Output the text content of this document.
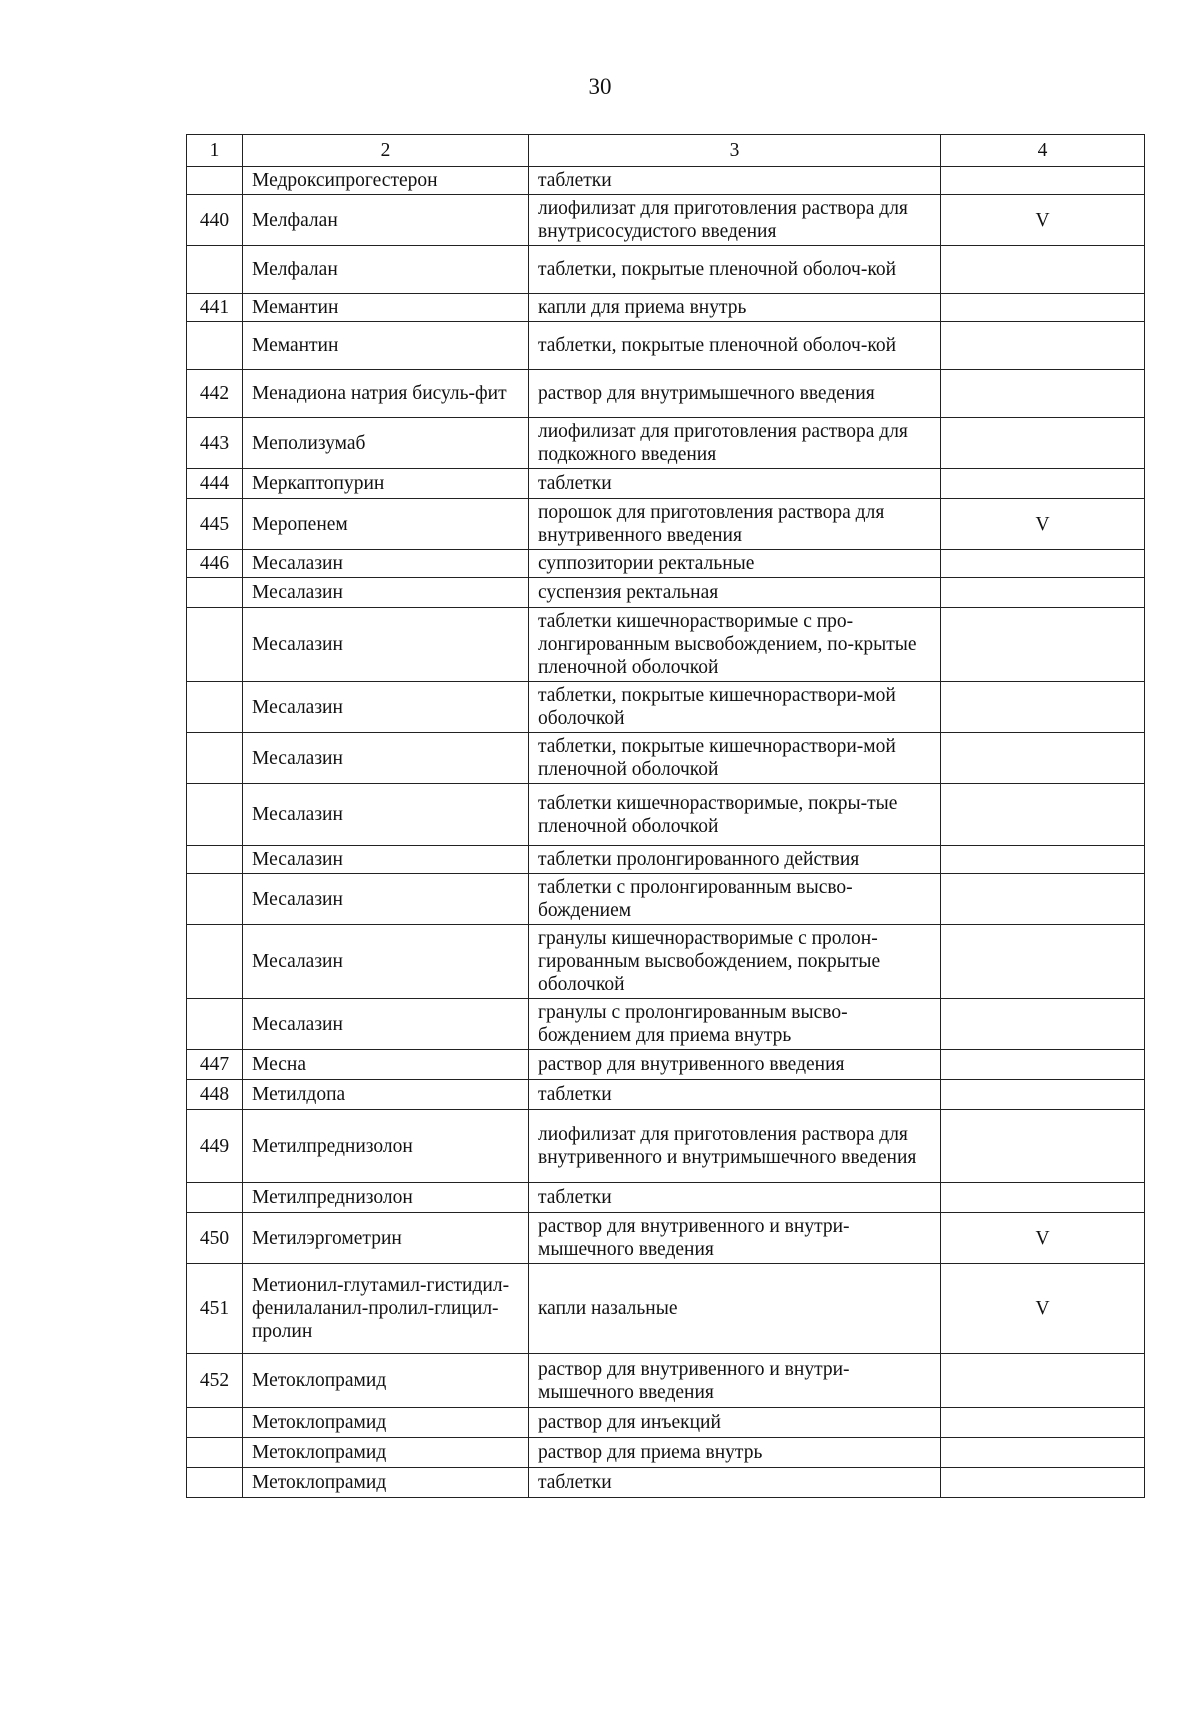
30
1	2	3	4
	Медроксипрогестерон	таблетки	
440	Мелфалан	лиофилизат для приготовления раствора для внутрисосудистого введения	V
	Мелфалан	таблетки, покрытые пленочной оболоч-кой	
441	Мемантин	капли для приема внутрь	
	Мемантин	таблетки, покрытые пленочной оболоч-кой	
442	Менадиона натрия бисуль-фит	раствор для внутримышечного введения	
443	Меполизумаб	лиофилизат для приготовления раствора для подкожного введения	
444	Меркаптопурин	таблетки	
445	Меропенем	порошок для приготовления раствора для внутривенного введения	V
446	Месалазин	суппозитории ректальные	
	Месалазин	суспензия ректальная	
	Месалазин	таблетки кишечнорастворимые с про-лонгированным высвобождением, по-крытые пленочной оболочкой	
	Месалазин	таблетки, покрытые кишечнораствори-мой оболочкой	
	Месалазин	таблетки, покрытые кишечнораствори-мой пленочной оболочкой	
	Месалазин	таблетки кишечнорастворимые, покры-тые пленочной оболочкой	
	Месалазин	таблетки пролонгированного действия	
	Месалазин	таблетки с пролонгированным высво-бождением	
	Месалазин	гранулы кишечнорастворимые с пролон-гированным высвобождением, покрытые оболочкой	
	Месалазин	гранулы с пролонгированным высво-бождением для приема внутрь	
447	Месна	раствор для внутривенного введения	
448	Метилдопа	таблетки	
449	Метилпреднизолон	лиофилизат для приготовления раствора для внутривенного и внутримышечного введения	
	Метилпреднизолон	таблетки	
450	Метилэргометрин	раствор для внутривенного и внутри-мышечного введения	V
451	Метионил-глутамил-гистидил-фенилаланил-пролил-глицил-пролин	капли назальные	V
452	Метоклопрамид	раствор для внутривенного и внутри-мышечного введения	
	Метоклопрамид	раствор для инъекций	
	Метоклопрамид	раствор для приема внутрь	
	Метоклопрамид	таблетки	
